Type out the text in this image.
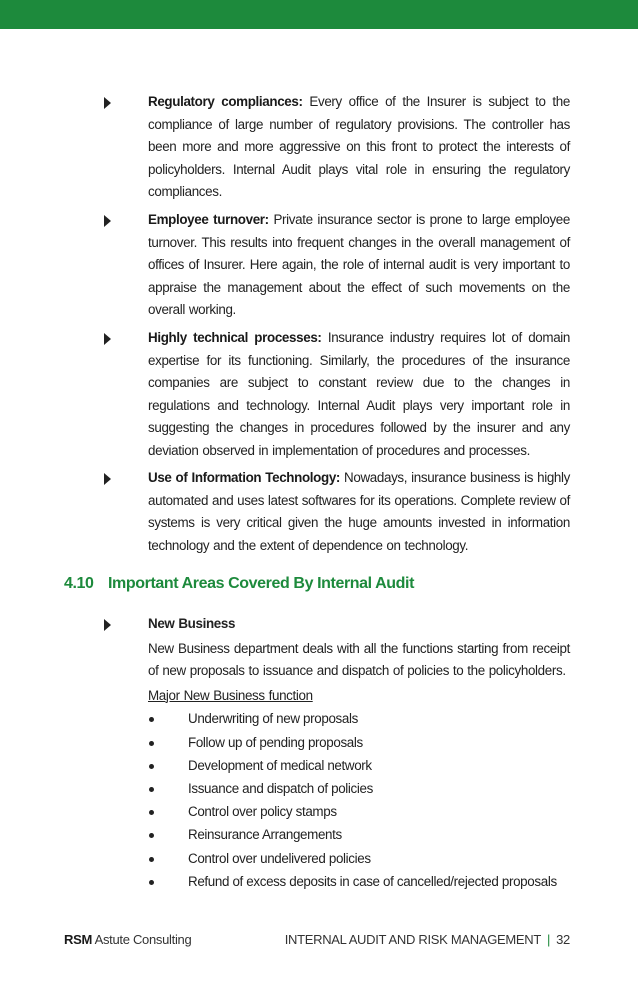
Regulatory compliances: Every office of the Insurer is subject to the compliance of large number of regulatory provisions. The controller has been more and more aggressive on this front to protect the interests of policyholders. Internal Audit plays vital role in ensuring the regulatory compliances.
Employee turnover: Private insurance sector is prone to large employee turnover. This results into frequent changes in the overall management of offices of Insurer. Here again, the role of internal audit is very important to appraise the management about the effect of such movements on the overall working.
Highly technical processes: Insurance industry requires lot of domain expertise for its functioning. Similarly, the procedures of the insurance companies are subject to constant review due to the changes in regulations and technology. Internal Audit plays very important role in suggesting the changes in procedures followed by the insurer and any deviation observed in implementation of procedures and processes.
Use of Information Technology: Nowadays, insurance business is highly automated and uses latest softwares for its operations. Complete review of systems is very critical given the huge amounts invested in information technology and the extent of dependence on technology.
4.10 Important Areas Covered By Internal Audit
New Business
New Business department deals with all the functions starting from receipt of new proposals to issuance and dispatch of policies to the policyholders.
Major New Business function
Underwriting of new proposals
Follow up of pending proposals
Development of medical network
Issuance and dispatch of policies
Control over policy stamps
Reinsurance Arrangements
Control over undelivered policies
Refund of excess deposits in case of cancelled/rejected proposals
RSM Astute Consulting	INTERNAL AUDIT AND RISK MANAGEMENT | 32
